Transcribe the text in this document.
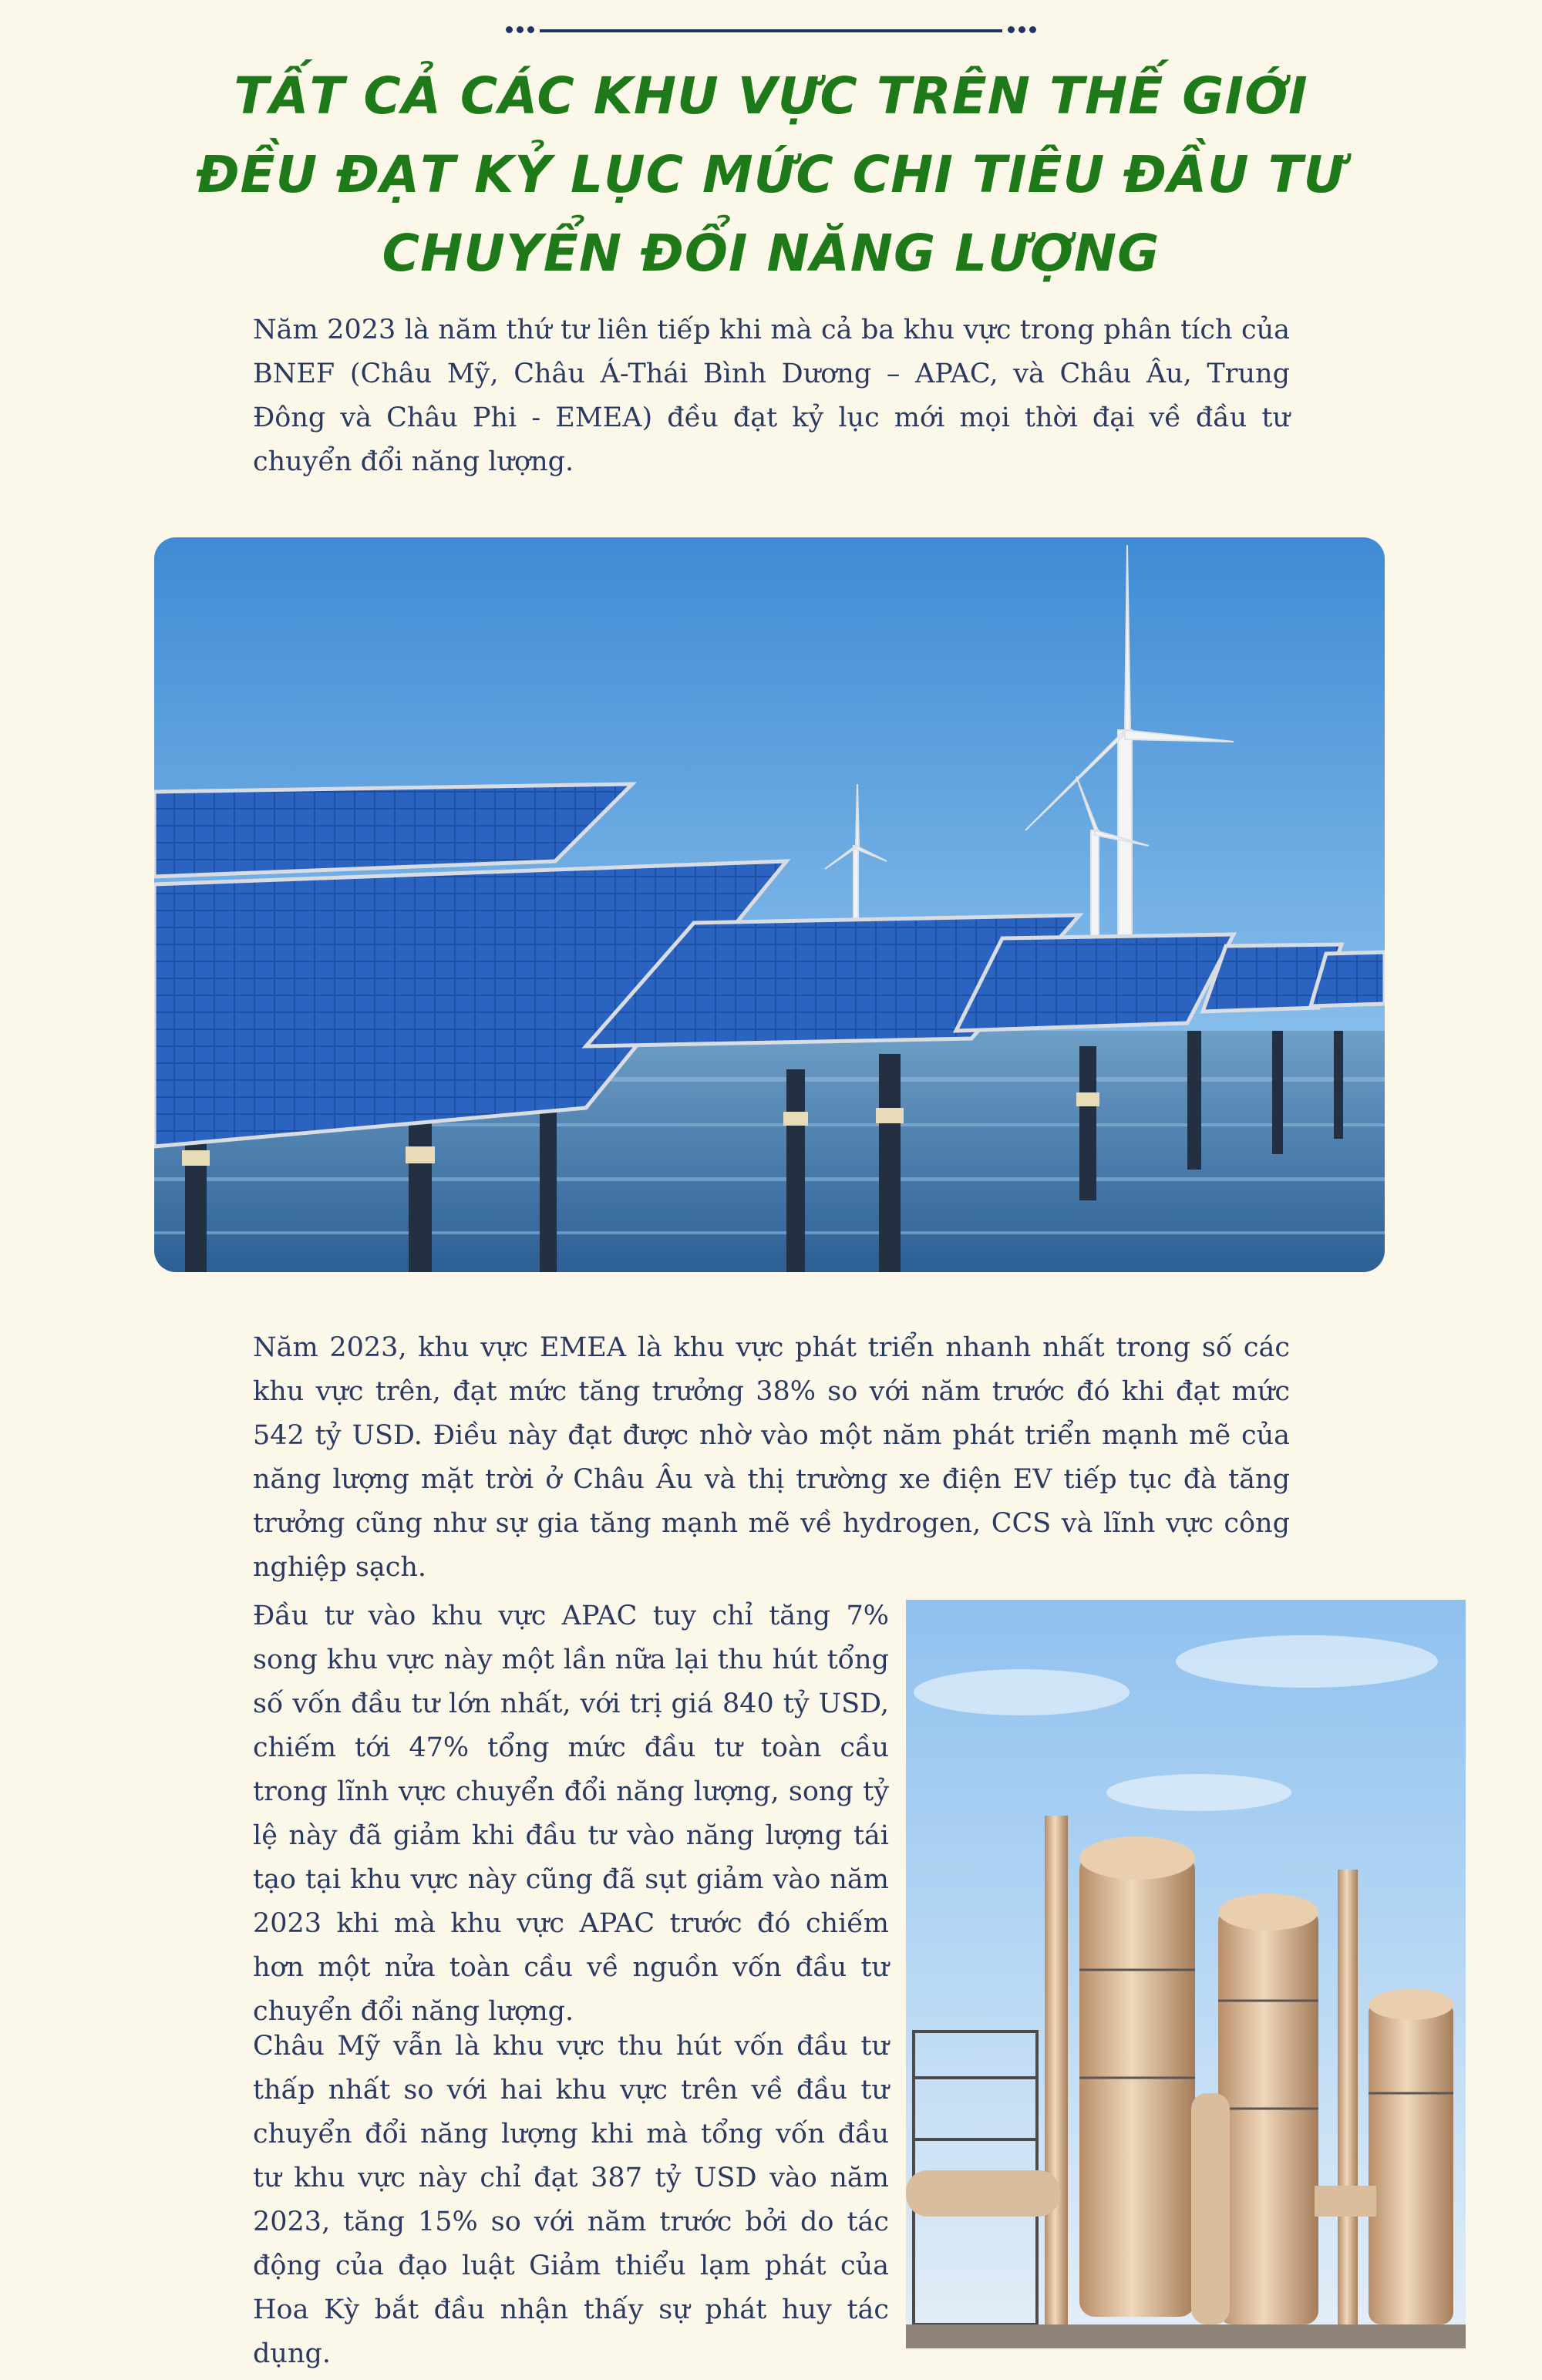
TẤT CẢ CÁC KHU VỰC TRÊN THẾ GIỚI
ĐỀU ĐẠT KỶ LỤC MỨC CHI TIÊU ĐẦU TƯ
CHUYỂN ĐỔI NĂNG LƯỢNG

Năm 2023 là năm thứ tư liên tiếp khi mà cả ba khu vực trong phân tích của BNEF (Châu Mỹ, Châu Á-Thái Bình Dương – APAC, và Châu Âu, Trung Đông và Châu Phi - EMEA) đều đạt kỷ lục mới mọi thời đại về đầu tư chuyển đổi năng lượng.

Năm 2023, khu vực EMEA là khu vực phát triển nhanh nhất trong số các khu vực trên, đạt mức tăng trưởng 38% so với năm trước đó khi đạt mức 542 tỷ USD. Điều này đạt được nhờ vào một năm phát triển mạnh mẽ của năng lượng mặt trời ở Châu Âu và thị trường xe điện EV tiếp tục đà tăng trưởng cũng như sự gia tăng mạnh mẽ về hydrogen, CCS và lĩnh vực công nghiệp sạch.

Đầu tư vào khu vực APAC tuy chỉ tăng 7% song khu vực này một lần nữa lại thu hút tổng số vốn đầu tư lớn nhất, với trị giá 840 tỷ USD, chiếm tới 47% tổng mức đầu tư toàn cầu trong lĩnh vực chuyển đổi năng lượng, song tỷ lệ này đã giảm khi đầu tư vào năng lượng tái tạo tại khu vực này cũng đã sụt giảm vào năm 2023 khi mà khu vực APAC trước đó chiếm hơn một nửa toàn cầu về nguồn vốn đầu tư chuyển đổi năng lượng.

Châu Mỹ vẫn là khu vực thu hút vốn đầu tư thấp nhất so với hai khu vực trên về đầu tư chuyển đổi năng lượng khi mà tổng vốn đầu tư khu vực này chỉ đạt 387 tỷ USD vào năm 2023, tăng 15% so với năm trước bởi do tác động của đạo luật Giảm thiểu lạm phát của Hoa Kỳ bắt đầu nhận thấy sự phát huy tác dụng.
